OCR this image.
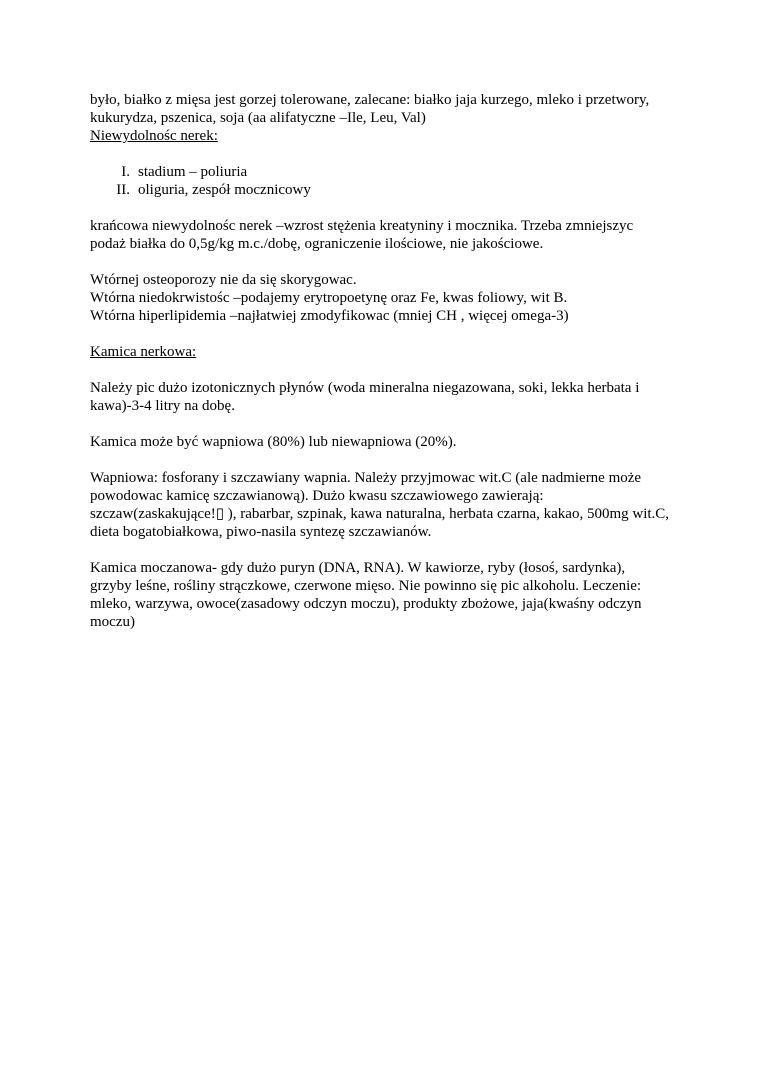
było, białko z mięsa jest gorzej tolerowane, zalecane: białko jaja kurzego, mleko i przetwory, kukurydza, pszenica, soja (aa alifatyczne –Ile, Leu, Val)

Niewydolnośc nerek:

I. stadium – poliuria
II. oliguria, zespół mocznicowy

krańcowa niewydolnośc nerek –wzrost stężenia kreatyniny i mocznika. Trzeba zmniejszyc podaż białka do 0,5g/kg m.c./dobę, ograniczenie ilościowe, nie jakościowe.

Wtórnej osteoporozy nie da się skorygowac.

Wtórna niedokrwistośc –podajemy erytropoetynę oraz Fe, kwas foliowy, wit B.

Wtórna hiperlipidemia –najłatwiej zmodyfikowac (mniej CH , więcej omega-3)

Kamica nerkowa:

Należy pic dużo izotonicznych płynów (woda mineralna niegazowana, soki, lekka herbata i kawa)-3-4 litry na dobę.

Kamica może być wapniowa (80%) lub niewapniowa (20%).

Wapniowa: fosforany i szczawiany wapnia. Należy przyjmowac wit.C (ale nadmierne może powodowac kamicę szczawianową). Dużo kwasu szczawiowego zawierają: szczaw(zaskakujące!▯ ), rabarbar, szpinak, kawa naturalna, herbata czarna, kakao, 500mg wit.C, dieta bogatobiałkowa, piwo-nasila syntezę szczawianów.

Kamica moczanowa- gdy dużo puryn (DNA, RNA). W kawiorze, ryby (łosoś, sardynka), grzyby leśne, rośliny strączkowe, czerwone mięso. Nie powinno się pic alkoholu. Leczenie: mleko, warzywa, owoce(zasadowy odczyn moczu), produkty zbożowe, jaja(kwaśny odczyn moczu)
